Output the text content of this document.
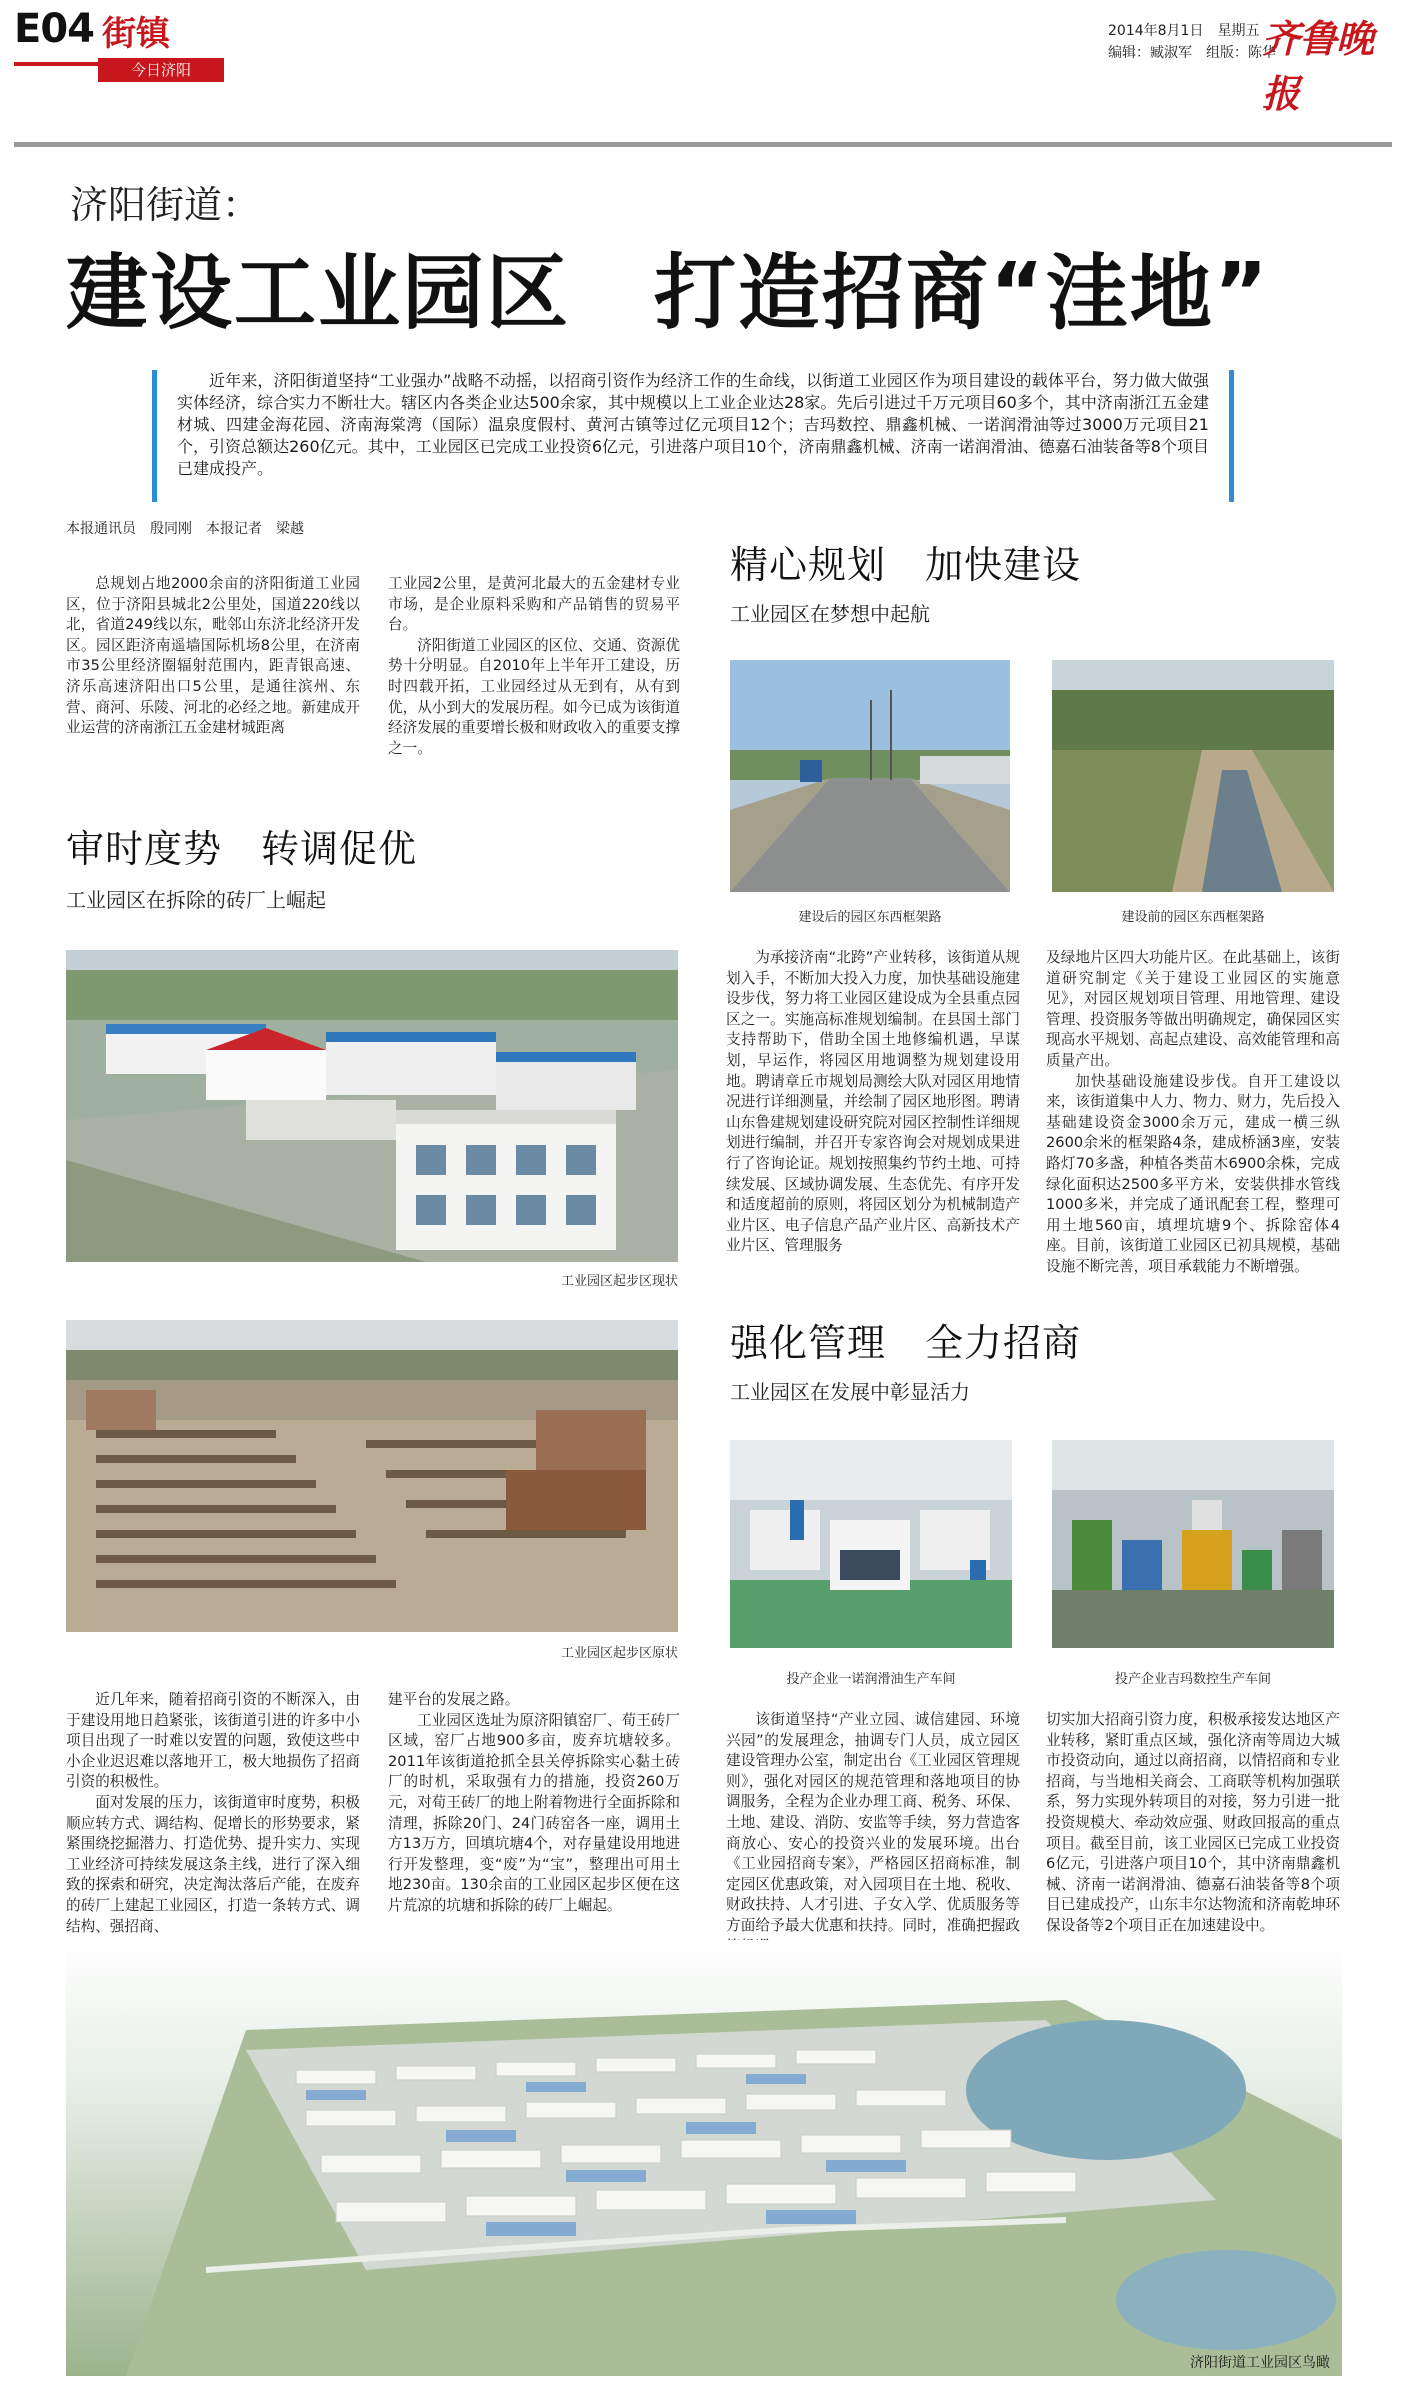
E04 街镇
今日济阳
2014年8月1日　星期五
编辑：臧淑军　组版：陈华
齐鲁晚报
济阳街道：
建设工业园区　打造招商“洼地”

近年来，济阳街道坚持“工业强办”战略不动摇，以招商引资作为经济工作的生命线，以街道工业园区作为项目建设的载体平台，努力做大做强实体经济，综合实力不断壮大。辖区内各类企业达500余家，其中规模以上工业企业达28家。先后引进过千万元项目60多个，其中济南浙江五金建材城、四建金海花园、济南海棠湾（国际）温泉度假村、黄河古镇等过亿元项目12个；吉玛数控、鼎鑫机械、一诺润滑油等过3000万元项目21个，引资总额达260亿元。其中，工业园区已完成工业投资6亿元，引进落户项目10个，济南鼎鑫机械、济南一诺润滑油、德嘉石油装备等8个项目已建成投产。

本报通讯员　殷同刚　本报记者　梁越

总规划占地2000余亩的济阳街道工业园区，位于济阳县城北2公里处，国道220线以北，省道249线以东，毗邻山东济北经济开发区。园区距济南遥墙国际机场8公里，在济南市35公里经济圈辐射范围内，距青银高速、济乐高速济阳出口5公里，是通往滨州、东营、商河、乐陵、河北的必经之地。新建成开业运营的济南浙江五金建材城距离

工业园2公里，是黄河北最大的五金建材专业市场，是企业原料采购和产品销售的贸易平台。

济阳街道工业园区的区位、交通、资源优势十分明显。自2010年上半年开工建设，历时四载开拓，工业园经过从无到有，从有到优，从小到大的发展历程。如今已成为该街道经济发展的重要增长极和财政收入的重要支撑之一。

审时度势　转调促优
工业园区在拆除的砖厂上崛起
工业园区起步区现状
工业园区起步区原状

近几年来，随着招商引资的不断深入，由于建设用地日趋紧张，该街道引进的许多中小项目出现了一时难以安置的问题，致使这些中小企业迟迟难以落地开工，极大地损伤了招商引资的积极性。

面对发展的压力，该街道审时度势，积极顺应转方式、调结构、促增长的形势要求，紧紧围绕挖掘潜力、打造优势、提升实力、实现工业经济可持续发展这条主线，进行了深入细致的探索和研究，决定淘汰落后产能，在废弃的砖厂上建起工业园区，打造一条转方式、调结构、强招商、

建平台的发展之路。

工业园区选址为原济阳镇窑厂、荀王砖厂区域，窑厂占地900多亩，废弃坑塘较多。2011年该街道抢抓全县关停拆除实心黏土砖厂的时机，采取强有力的措施，投资260万元，对荀王砖厂的地上附着物进行全面拆除和清理，拆除20门、24门砖窑各一座，调用土方13万方，回填坑塘4个，对存量建设用地进行开发整理，变“废”为“宝”，整理出可用土地230亩。130余亩的工业园区起步区便在这片荒凉的坑塘和拆除的砖厂上崛起。

精心规划　加快建设
工业园区在梦想中起航
建设后的园区东西框架路	建设前的园区东西框架路

为承接济南“北跨”产业转移，该街道从规划入手，不断加大投入力度，加快基础设施建设步伐，努力将工业园区建设成为全县重点园区之一。实施高标准规划编制。在县国土部门支持帮助下，借助全国土地修编机遇，早谋划，早运作，将园区用地调整为规划建设用地。聘请章丘市规划局测绘大队对园区用地情况进行详细测量，并绘制了园区地形图。聘请山东鲁建规划建设研究院对园区控制性详细规划进行编制，并召开专家咨询会对规划成果进行了咨询论证。规划按照集约节约土地、可持续发展、区域协调发展、生态优先、有序开发和适度超前的原则，将园区划分为机械制造产业片区、电子信息产品产业片区、高新技术产业片区、管理服务

及绿地片区四大功能片区。在此基础上，该街道研究制定《关于建设工业园区的实施意见》，对园区规划项目管理、用地管理、建设管理、投资服务等做出明确规定，确保园区实现高水平规划、高起点建设、高效能管理和高质量产出。

加快基础设施建设步伐。自开工建设以来，该街道集中人力、物力、财力，先后投入基础建设资金3000余万元，建成一横三纵2600余米的框架路4条，建成桥涵3座，安装路灯70多盏，种植各类苗木6900余株，完成绿化面积达2500多平方米，安装供排水管线1000多米，并完成了通讯配套工程，整理可用土地560亩，填埋坑塘9个、拆除窑体4座。目前，该街道工业园区已初具规模，基础设施不断完善，项目承载能力不断增强。

强化管理　全力招商
工业园区在发展中彰显活力
投产企业一诺润滑油生产车间	投产企业吉玛数控生产车间

该街道坚持“产业立园、诚信建园、环境兴园”的发展理念，抽调专门人员，成立园区建设管理办公室，制定出台《工业园区管理规则》，强化对园区的规范管理和落地项目的协调服务，全程为企业办理工商、税务、环保、土地、建设、消防、安监等手续，努力营造客商放心、安心的投资兴业的发展环境。出台《工业园招商专案》，严格园区招商标准，制定园区优惠政策，对入园项目在土地、税收、财政扶持、人才引进、子女入学、优质服务等方面给予最大优惠和扶持。同时，准确把握政

切实加大招商引资力度，积极承接发达地区产业转移，紧盯重点区域，强化济南等周边大城市投资动向，通过以商招商，以情招商和专业招商，与当地相关商会、工商联等机构加强联系，努力实现外转项目的对接，努力引进一批投资规模大、牵动效应强、财政回报高的重点项目。截至目前，该工业园区已完成工业投资6亿元，引进落户项目10个，其中济南鼎鑫机械、济南一诺润滑油、德嘉石油装备等8个项目已建成投产，山东丰尔达物流和济南乾坤环保设备等2个项目正在加速建设中。

济阳街道工业园区鸟瞰
